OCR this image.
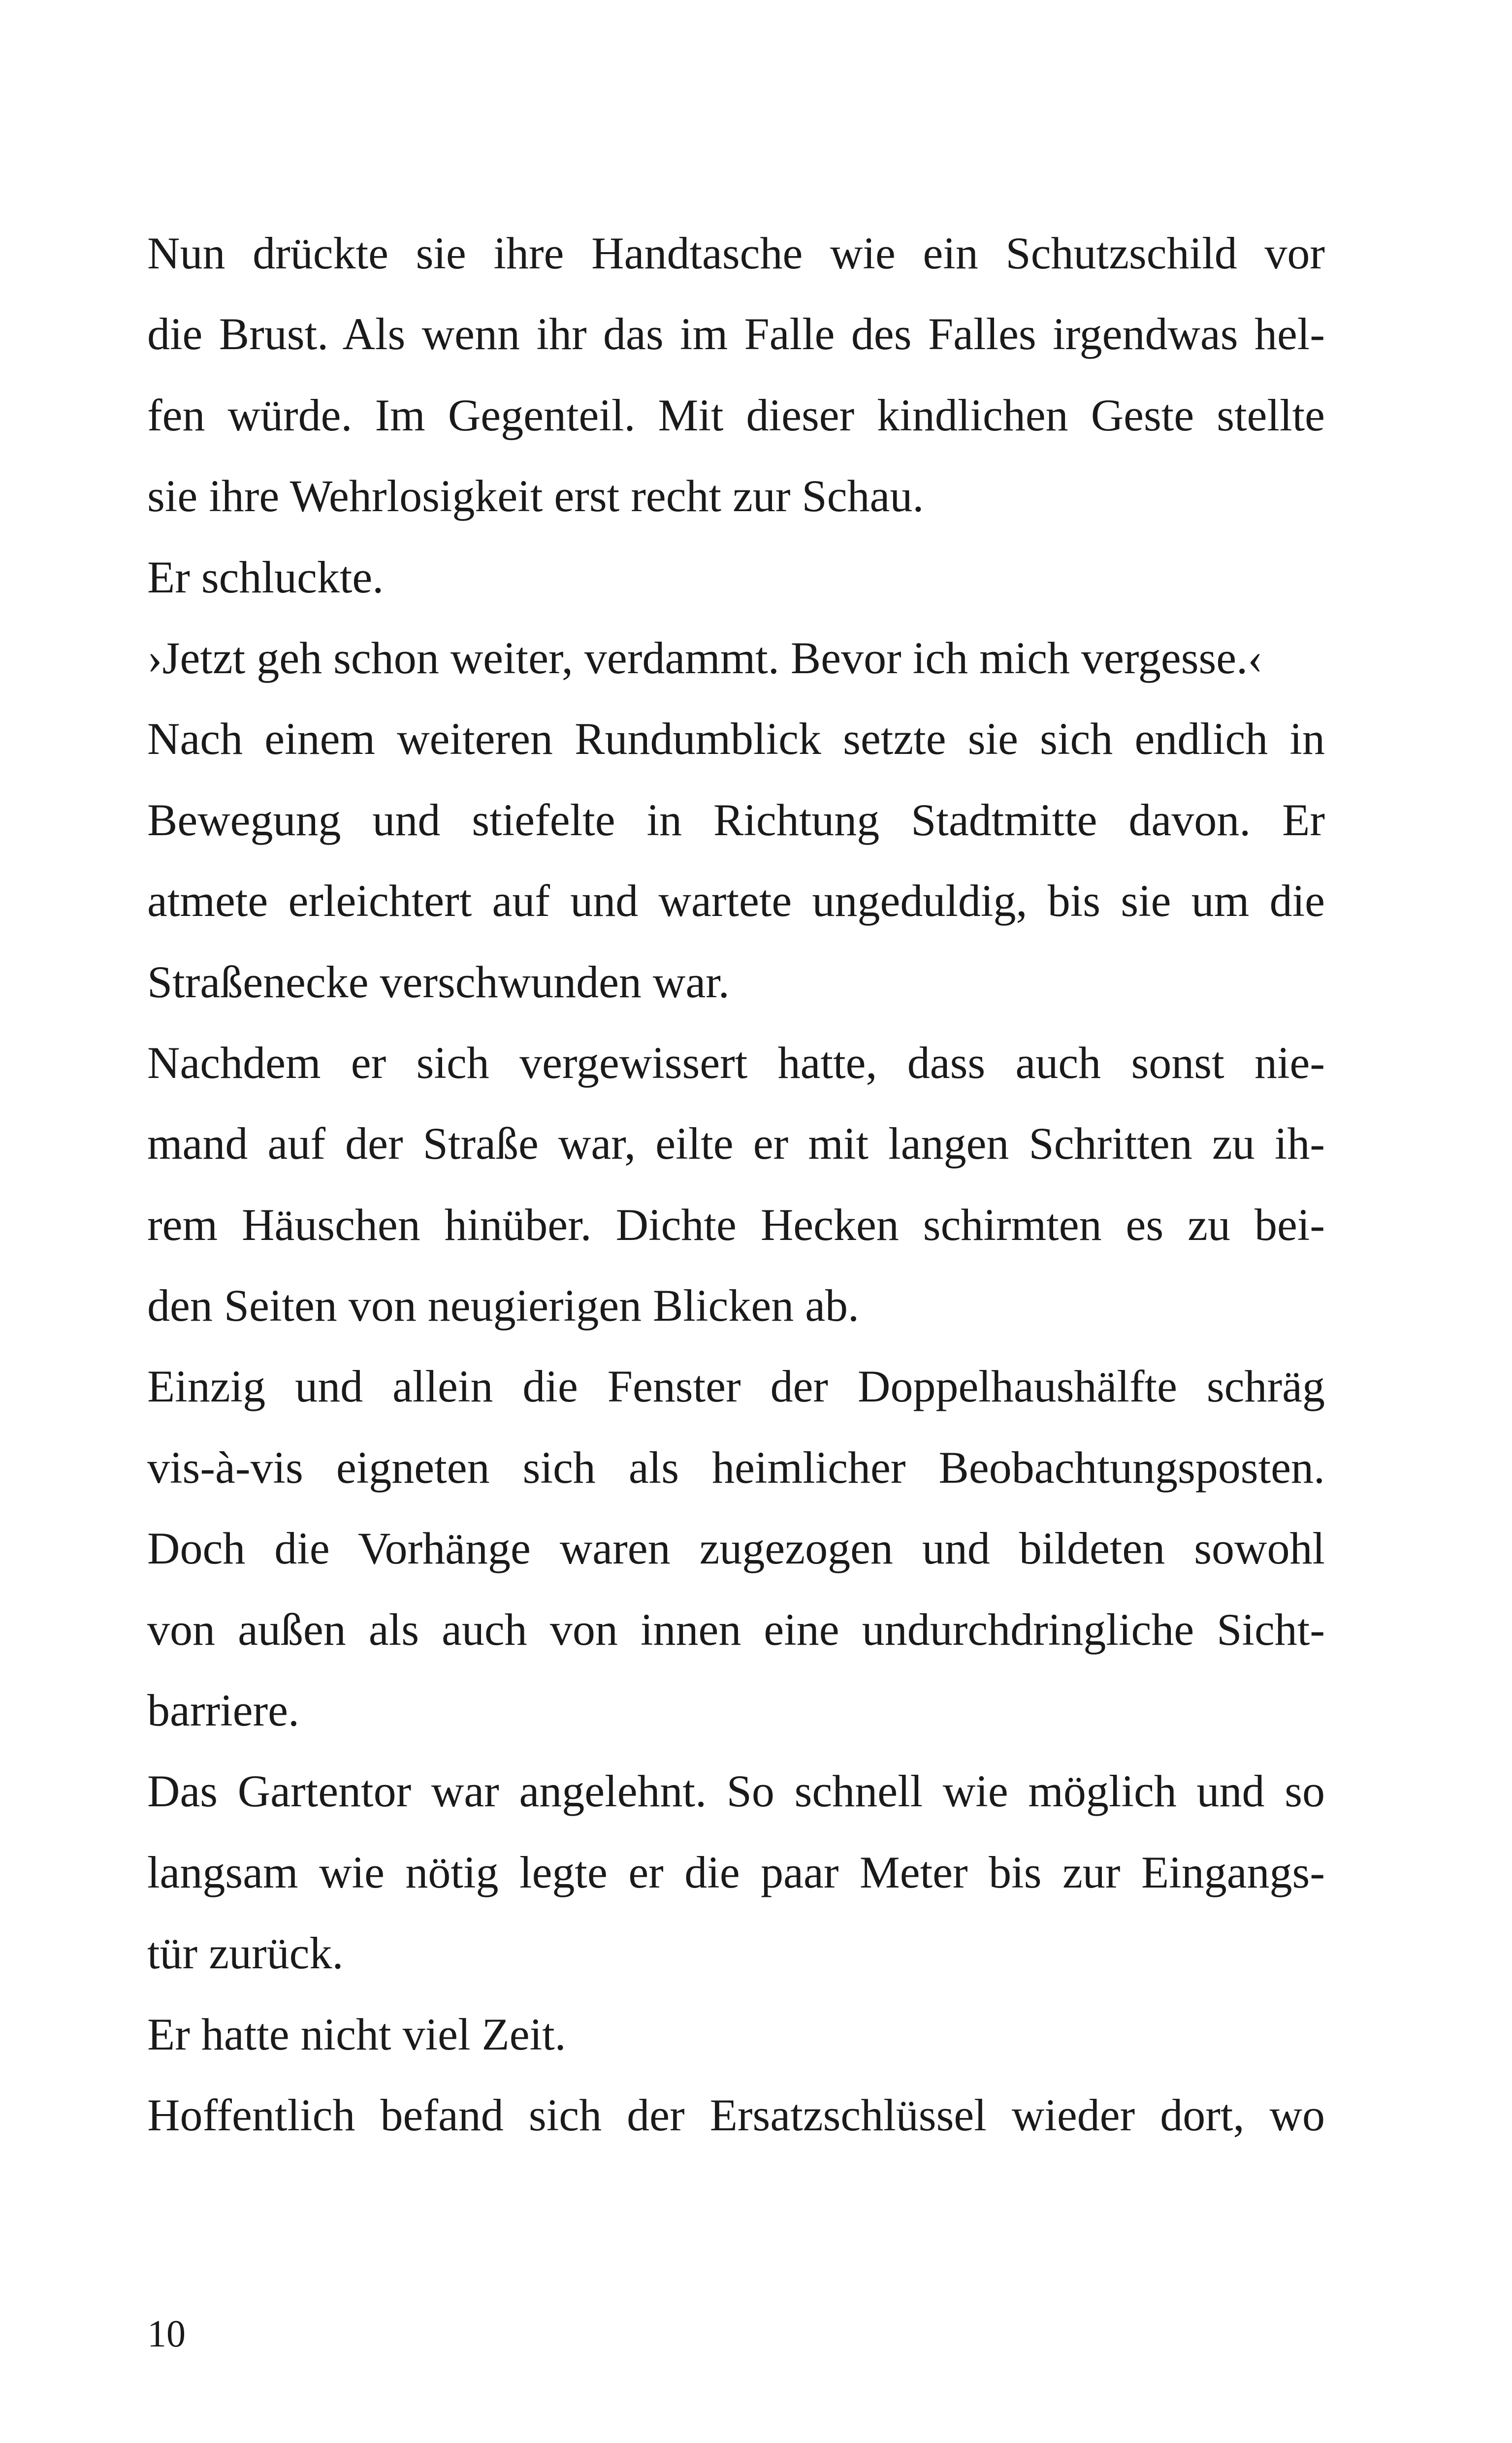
Nun drückte sie ihre Handtasche wie ein Schutzschild vor
die Brust. Als wenn ihr das im Falle des Falles irgendwas hel-
fen würde. Im Gegenteil. Mit dieser kindlichen Geste stellte
sie ihre Wehrlosigkeit erst recht zur Schau.
Er schluckte.
›Jetzt geh schon weiter, verdammt. Bevor ich mich vergesse.‹
Nach einem weiteren Rundumblick setzte sie sich endlich in
Bewegung und stiefelte in Richtung Stadtmitte davon. Er
atmete erleichtert auf und wartete ungeduldig, bis sie um die
Straßenecke verschwunden war.
Nachdem er sich vergewissert hatte, dass auch sonst nie-
mand auf der Straße war, eilte er mit langen Schritten zu ih-
rem Häuschen hinüber. Dichte Hecken schirmten es zu bei-
den Seiten von neugierigen Blicken ab.
Einzig und allein die Fenster der Doppelhaushälfte schräg
vis-à-vis eigneten sich als heimlicher Beobachtungsposten.
Doch die Vorhänge waren zugezogen und bildeten sowohl
von außen als auch von innen eine undurchdringliche Sicht-
barriere.
Das Gartentor war angelehnt. So schnell wie möglich und so
langsam wie nötig legte er die paar Meter bis zur Eingangs-
tür zurück.
Er hatte nicht viel Zeit.
Hoffentlich befand sich der Ersatzschlüssel wieder dort, wo
10
